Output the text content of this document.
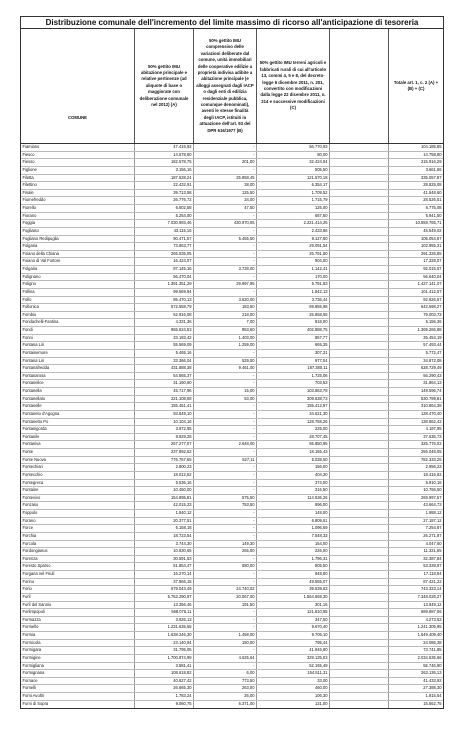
Distribuzione comunale dell'incremento del limite massimo di ricorso all'anticipazione di tesoreria
COMUNE
50% gettito IMU abitazione principale e relative pertinenze (ad aliquote di base o maggiorate con deliberazione comunale nel 2012) (A)
50% gettito IMU comprensivo delle variazioni deliberate dal comune, unità immobiliari delle cooperative edilizie a proprietà indivisa adibite a abitazione principale (e alloggi assegnati dagli IACP o dagli enti di edilizia residenziale pubblica, comunque denominati), aventi le stesse finalità degli IACP, istituiti in attuazione dell'art. 93 del DPR 616/1977 (B)
50% gettito IMU terreni agricoli e fabbricati rurali di cui all'articolo 13, commi 4, 5 e 8, del decreto-legge 6 dicembre 2011, n. 201, convertito con modificazioni dalla legge 22 dicembre 2011, n. 214 e successive modificazioni (C)
Totale art. 1, c. 2 (A) + (B) + (C)
Fiamiano	47.415,92	-	56.770,93	104.185,85
Fiesco	14.678,80	-	80,00	14.758,80
Fiesso	182.578,75	201,00	32.424,54	215.916,29
Figlione	3.156,16	-	505,50	3.661,66
Filetta	187.628,24	25.858,45	121.570,18	335.057,87
Filettino	22.432,91	38,00	6.354,17	28.825,08
Finale	39.713,58	125,50	1.709,52	41.548,60
Fiumefreddo	26.776,72	34,00	1.715,79	28.526,51
Fiorello	6.602,58	47,50	125,00	6.775,08
Fiorano	5.254,00	-	687,50	5.941,50
Foggia	7.030.993,46	430.970,06	2.221.414,25	10.659.765,71
Fogliaiso	43.115,16	-	2.433,86	45.549,02
Fogliano Redipuglia	90.471,57	5.455,50	9.127,80	105.054,87
Folgaria	73.863,77	-	29.091,54	102.955,31
Foiano della Chiana	265.535,05	-	25.791,80	291.326,85
Foiano di Val Fortore	16.424,07	-	904,00	17.328,07
Folgaria	87.145,16	3.728,00	1.142,41	92.015,57
Folignano	56.470,04	-	170,00	56.640,04
Foligno	1.391.351,29	29.997,95	5.791,83	1.427.141,07
Follina	99.569,94	-	1.842,13	101.412,07
Follo	85.470,13	3.620,00	3.736,44	92.826,57
Follonica	572.558,79	183,50	69.855,98	642.598,27
Fombio	52.916,08	218,00	25.868,65	79.003,73
Fondachelli-Fantina	4.331,36	7,00	818,00	5.156,36
Fondi	965.524,53	853,60	402.888,75	1.369.266,88
Fonni	33.193,42	1.403,00	857,77	35.454,19
Fontana Liri	55.569,09	1.259,00	665,35	57.493,44
Fontainemore	5.465,16	-	307,31	5.772,47
Fontana Liri	33.366,04	529,00	977,04	34.872,08
Fontanafredda	431.888,38	9.461,00	187.380,11	628.729,49
Fontanarosa	54.565,37	-	1.725,06	56.290,43
Fontanelice	31.160,60	-	703,53	31.864,13
Fontanella	45.717,96	15,00	103.863,78	149.596,74
Fontanellato	221.108,08	53,00	309.638,73	530.799,81
Fontanelle	155.451,41	-	155.412,97	310.864,38
Fontaneto d'Agogna	93.849,10	-	34.621,30	128.470,40
Fontanetto Po	10.104,16	-	128.758,26	138.862,42
Fontanigorda	3.972,95	-	225,00	4.197,95
Fontanile	8.929,28	-	28.707,45	37.636,73
Fontaniva	257.277,07	2.648,00	65.850,95	325.776,02
Fonte	237.892,62	-	18.155,43	256.048,05
Fonte Nuova	776.767,65	527,11	5.038,50	782.333,26
Fontechiari	2.800,23	-	156,00	2.956,23
Fontecchio	18.012,52	-	404,30	18.416,82
Fontegreca	5.536,16	-	374,00	5.910,16
Fontaine	10.450,00	-	316,50	10.766,50
Fontevivo	154.895,81	575,50	114.536,26	269.997,57
Fonzaso	42.015,23	753,50	896,00	43.664,73
Foppolo	1.840,12	-	148,00	1.988,12
Forano	20.377,51	-	6.809,61	27.187,12
Force	6.158,18	-	1.096,69	7.254,87
Forchia	18.723,54	-	7.548,33	26.271,87
Forcola	3.744,30	149,30	154,00	4.047,60
Fordongianus	10.830,65	265,00	226,00	11.321,65
Forenza	30.591,53	-	1.796,31	32.387,84
Foresto Sparso	51.854,47	680,00	805,50	53.339,97
Forgaria nel Friuli	16.270,14	-	848,80	17.118,94
Forino	37.866,15	-	49.555,07	87.421,22
Forio	679.043,49	24.740,02	39.539,63	743.323,14
Forlì	5.763.290,97	20.067,00	1.564.668,30	7.348.026,27
Forlì del Sannio	13.356,46	191,50	301,16	13.849,12
Forlimpopoli	568.076,11	-	121.810,95	689.887,06
Formazza	3.926,13	-	347,50	4.273,63
Formello	1.231.635,55	-	9.670,40	1.241.305,95
Formia	1.638.246,30	1.458,00	9.705,10	1.649.409,40
Formicola	23.140,94	150,00	795,44	24.086,38
Formigara	31.795,05	-	41.946,80	73.741,85
Formigine	1.700.874,99	4.625,64	329.135,03	2.034.635,66
Formigliana	3.581,41	-	52.165,49	55.746,90
Formignana	108.618,82	6,00	154.511,31	263.136,13
Fornace	40.627,42	773,50	33,00	41.433,92
Fornelli	26.665,30	263,00	460,00	27.388,30
Forni Avoltri	1.783,24	26,00	106,30	1.915,54
Forni di Sopra	9.060,75	6.371,00	131,00	15.562,75
